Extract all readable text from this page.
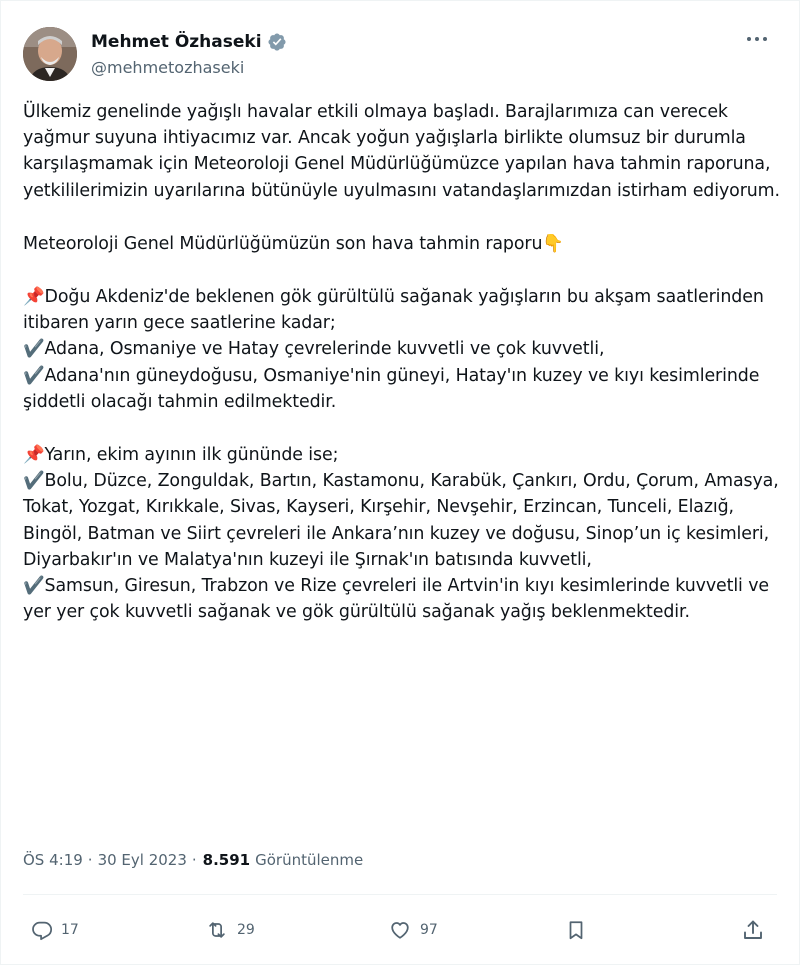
Mehmet Özhaseki
@mehmetozhaseki

Ülkemiz genelinde yağışlı havalar etkili olmaya başladı. Barajlarımıza can verecek yağmur suyuna ihtiyacımız var. Ancak yoğun yağışlarla birlikte olumsuz bir durumla karşılaşmamak için Meteoroloji Genel Müdürlüğümüzce yapılan hava tahmin raporuna, yetkililerimizin uyarılarına bütünüyle uyulmasını vatandaşlarımızdan istirham ediyorum.

Meteoroloji Genel Müdürlüğümüzün son hava tahmin raporu👇

📌Doğu Akdeniz'de beklenen gök gürültülü sağanak yağışların bu akşam saatlerinden itibaren yarın gece saatlerine kadar;
✔️Adana, Osmaniye ve Hatay çevrelerinde kuvvetli ve çok kuvvetli,
✔️Adana'nın güneydoğusu, Osmaniye'nin güneyi, Hatay'ın kuzey ve kıyı kesimlerinde şiddetli olacağı tahmin edilmektedir.

📌Yarın, ekim ayının ilk gününde ise;
✔️Bolu, Düzce, Zonguldak, Bartın, Kastamonu, Karabük, Çankırı, Ordu, Çorum, Amasya, Tokat, Yozgat, Kırıkkale, Sivas, Kayseri, Kırşehir, Nevşehir, Erzincan, Tunceli, Elazığ, Bingöl, Batman ve Siirt çevreleri ile Ankara’nın kuzey ve doğusu, Sinop’un iç kesimleri, Diyarbakır'ın ve Malatya'nın kuzeyi ile Şırnak'ın batısında kuvvetli,
✔️Samsun, Giresun, Trabzon ve Rize çevreleri ile Artvin'in kıyı kesimlerinde kuvvetli ve yer yer çok kuvvetli sağanak ve gök gürültülü sağanak yağış beklenmektedir.

ÖS 4:19 · 30 Eyl 2023 · 8.591 Görüntülenme
17	29	97
